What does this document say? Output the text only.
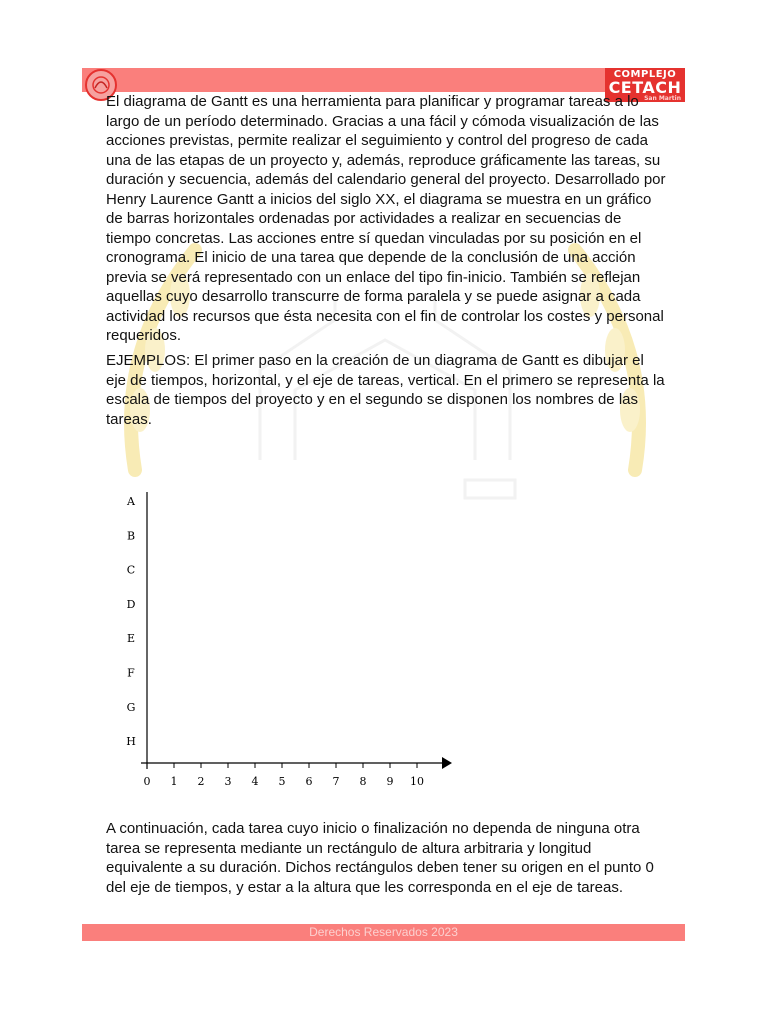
COMPLEJO
CETACH
San Martin

El diagrama de Gantt es una herramienta para planificar y programar tareas a lo largo de un período determinado. Gracias a una fácil y cómoda visualización de las acciones previstas, permite realizar el seguimiento y control del progreso de cada una de las etapas de un proyecto y, además, reproduce gráficamente las tareas, su duración y secuencia, además del calendario general del proyecto. Desarrollado por Henry Laurence Gantt a inicios del siglo XX, el diagrama se muestra en un gráfico de barras horizontales ordenadas por actividades a realizar en secuencias de tiempo concretas. Las acciones entre sí quedan vinculadas por su posición en el cronograma. El inicio de una tarea que depende de la conclusión de una acción previa se verá representado con un enlace del tipo fin-inicio. También se reflejan aquellas cuyo desarrollo transcurre de forma paralela y se puede asignar a cada actividad los recursos que ésta necesita con el fin de controlar los costes y personal requeridos.

EJEMPLOS: El primer paso en la creación de un diagrama de Gantt es dibujar el eje de tiempos, horizontal, y el eje de tareas, vertical. En el primero se representa la escala de tiempos del proyecto y en el segundo se disponen los nombres de las tareas.

A
B
C
D
E
F
G
H
0 1 2 3 4 5 6 7 8 9 10

A continuación, cada tarea cuyo inicio o finalización no dependa de ninguna otra tarea se representa mediante un rectángulo de altura arbitraria y longitud equivalente a su duración. Dichos rectángulos deben tener su origen en el punto 0 del eje de tiempos, y estar a la altura que les corresponda en el eje de tareas.

Derechos Reservados 2023
